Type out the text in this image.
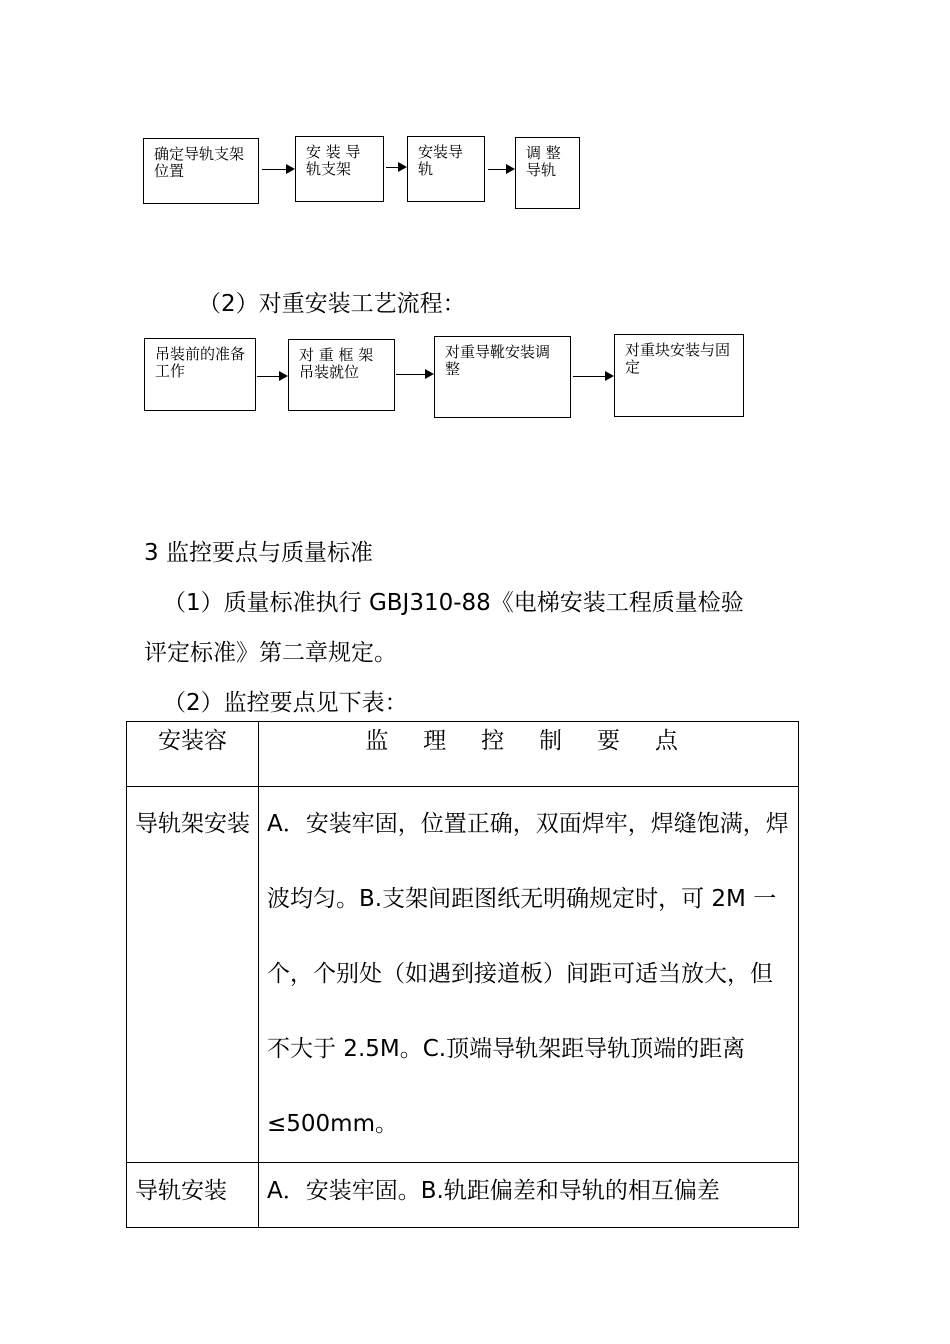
确定导轨支架位置
安 装 导轨支架
安装导轨
调 整导轨
（2）对重安装工艺流程：
吊装前的准备工作
对 重 框 架吊装就位
对重导靴安装调整
对重块安装与固定
3 监控要点与质量标准
（1）质量标准执行 GBJ310-88《电梯安装工程质量检验
评定标准》第二章规定。
（2）监控要点见下表：
安装容	监 理 控 制 要 点
导轨架安装	A．安装牢固，位置正确，双面焊牢，焊缝饱满，焊波均匀。B.支架间距图纸无明确规定时，可 2M 一个，个别处（如遇到接道板）间距可适当放大，但不大于 2.5M。C.顶端导轨架距导轨顶端的距离≤500mm。
导轨安装	A．安装牢固。B.轨距偏差和导轨的相互偏差
